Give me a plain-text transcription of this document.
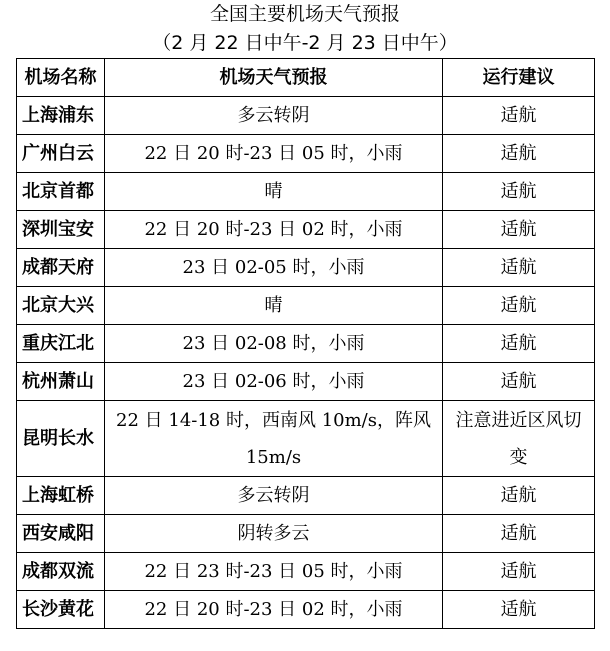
全国主要机场天气预报
（2 月 22 日中午-2 月 23 日中午）
机场名称	机场天气预报	运行建议
上海浦东	多云转阴	适航
广州白云	22 日 20 时-23 日 05 时，小雨	适航
北京首都	晴	适航
深圳宝安	22 日 20 时-23 日 02 时，小雨	适航
成都天府	23 日 02-05 时，小雨	适航
北京大兴	晴	适航
重庆江北	23 日 02-08 时，小雨	适航
杭州萧山	23 日 02-06 时，小雨	适航
昆明长水	22 日 14-18 时，西南风 10m/s，阵风 15m/s	注意进近区风切变
上海虹桥	多云转阴	适航
西安咸阳	阴转多云	适航
成都双流	22 日 23 时-23 日 05 时，小雨	适航
长沙黄花	22 日 20 时-23 日 02 时，小雨	适航
